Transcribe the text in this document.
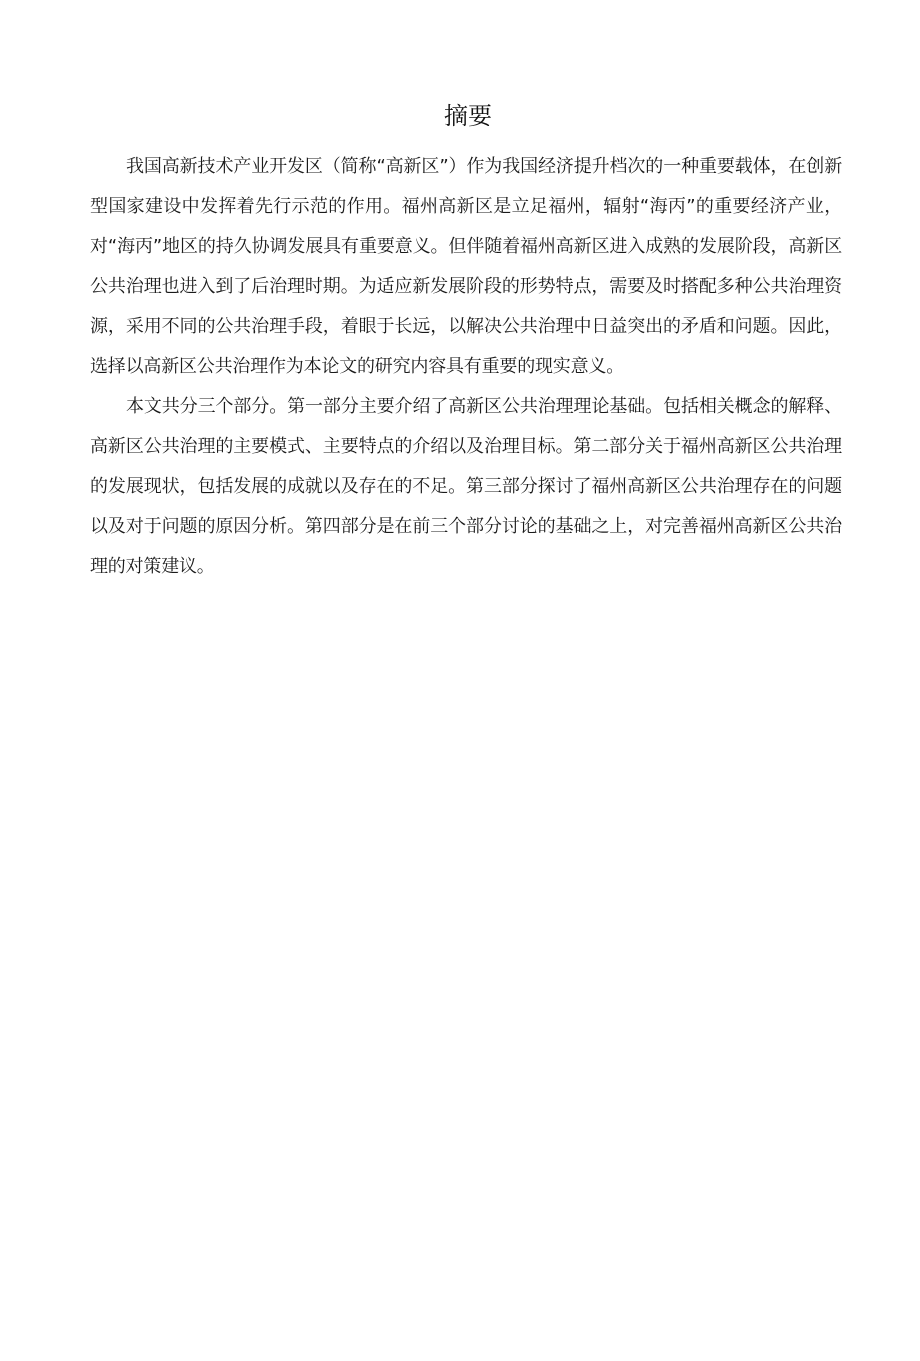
摘要

我国高新技术产业开发区（简称“高新区”）作为我国经济提升档次的一种重要载体，在创新型国家建设中发挥着先行示范的作用。福州高新区是立足福州，辐射“海丙”的重要经济产业，对“海丙”地区的持久协调发展具有重要意义。但伴随着福州高新区进入成熟的发展阶段，高新区公共治理也进入到了后治理时期。为适应新发展阶段的形势特点，需要及时搭配多种公共治理资源，采用不同的公共治理手段，着眼于长远，以解决公共治理中日益突出的矛盾和问题。因此，选择以高新区公共治理作为本论文的研究内容具有重要的现实意义。

本文共分三个部分。第一部分主要介绍了高新区公共治理理论基础。包括相关概念的解释、高新区公共治理的主要模式、主要特点的介绍以及治理目标。第二部分关于福州高新区公共治理的发展现状，包括发展的成就以及存在的不足。第三部分探讨了福州高新区公共治理存在的问题以及对于问题的原因分析。第四部分是在前三个部分讨论的基础之上，对完善福州高新区公共治理的对策建议。
